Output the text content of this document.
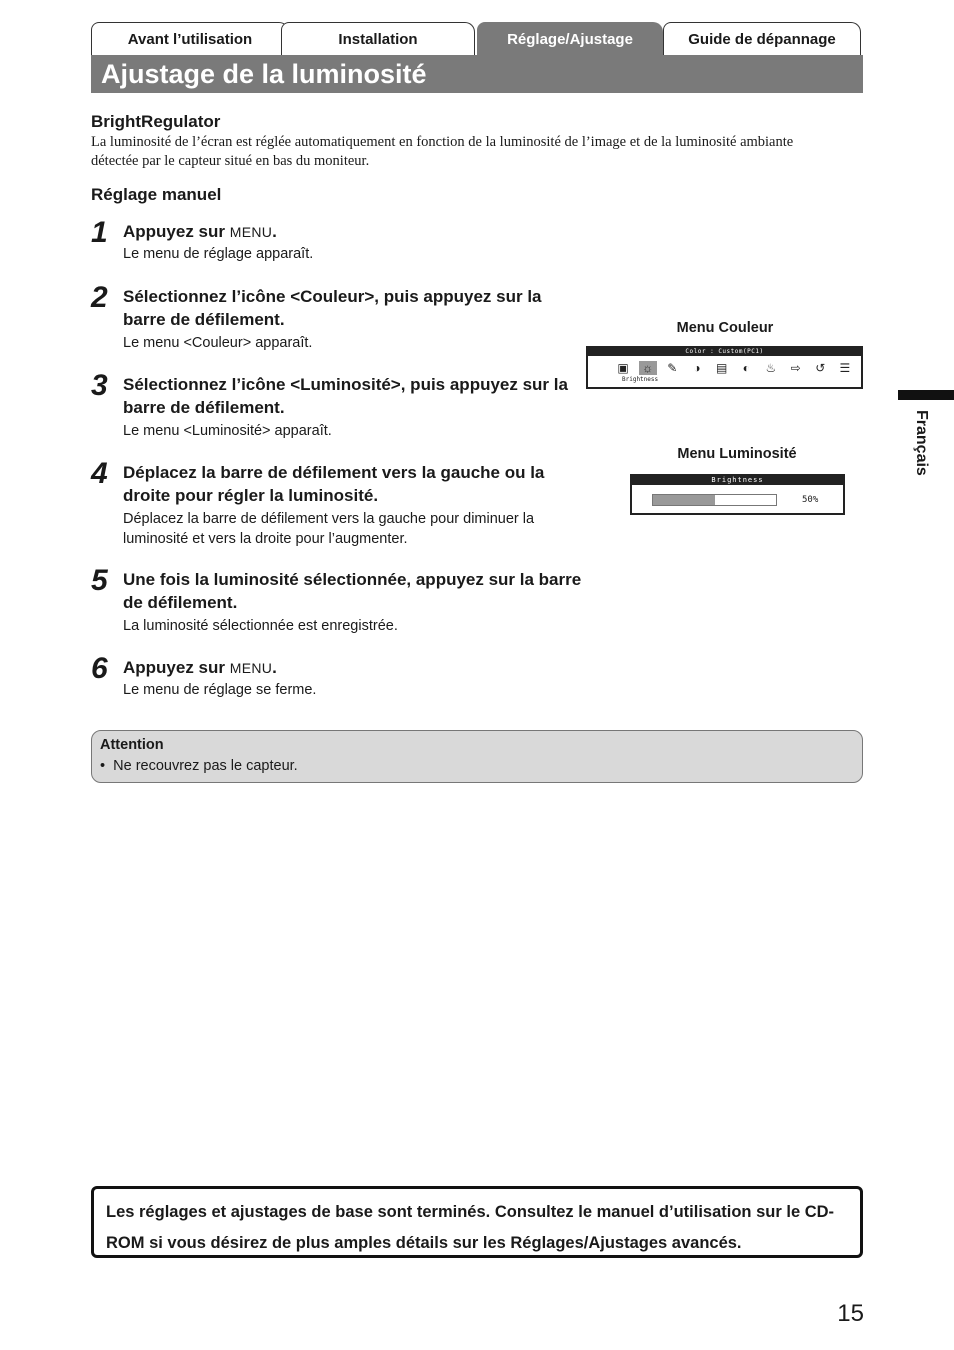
Avant l’utilisation	Installation	Réglage/Ajustage	Guide de dépannage
Ajustage de la luminosité
BrightRegulator

La luminosité de l’écran est réglée automatiquement en fonction de la luminosité de l’image et de la luminosité ambiante détectée par le capteur situé en bas du moniteur.

Réglage manuel
1 Appuyez sur MENU.
Le menu de réglage apparaît.
2 Sélectionnez l’icône <Couleur>, puis appuyez sur la barre de défilement.
Le menu <Couleur> apparaît.
3 Sélectionnez l’icône <Luminosité>, puis appuyez sur la barre de défilement.
Le menu <Luminosité> apparaît.
4 Déplacez la barre de défilement vers la gauche ou la droite pour régler la luminosité.
Déplacez la barre de défilement vers la gauche pour diminuer la luminosité et vers la droite pour l’augmenter.
5 Une fois la luminosité sélectionnée, appuyez sur la barre de défilement.
La luminosité sélectionnée est enregistrée.
6 Appuyez sur MENU.
Le menu de réglage se ferme.
Menu Couleur
Color : Custom(PC1)
▣ ☼	✎	◑	▤	◐	♨	⇨	↺	☰
Brightness
Menu Luminosité
Brightness
50%
Attention
•  Ne recouvrez pas le capteur.
Français
Les réglages et ajustages de base sont terminés. Consultez le manuel d’utilisation sur le CD-ROM si vous désirez de plus amples détails sur les Réglages/Ajustages avancés.
15
